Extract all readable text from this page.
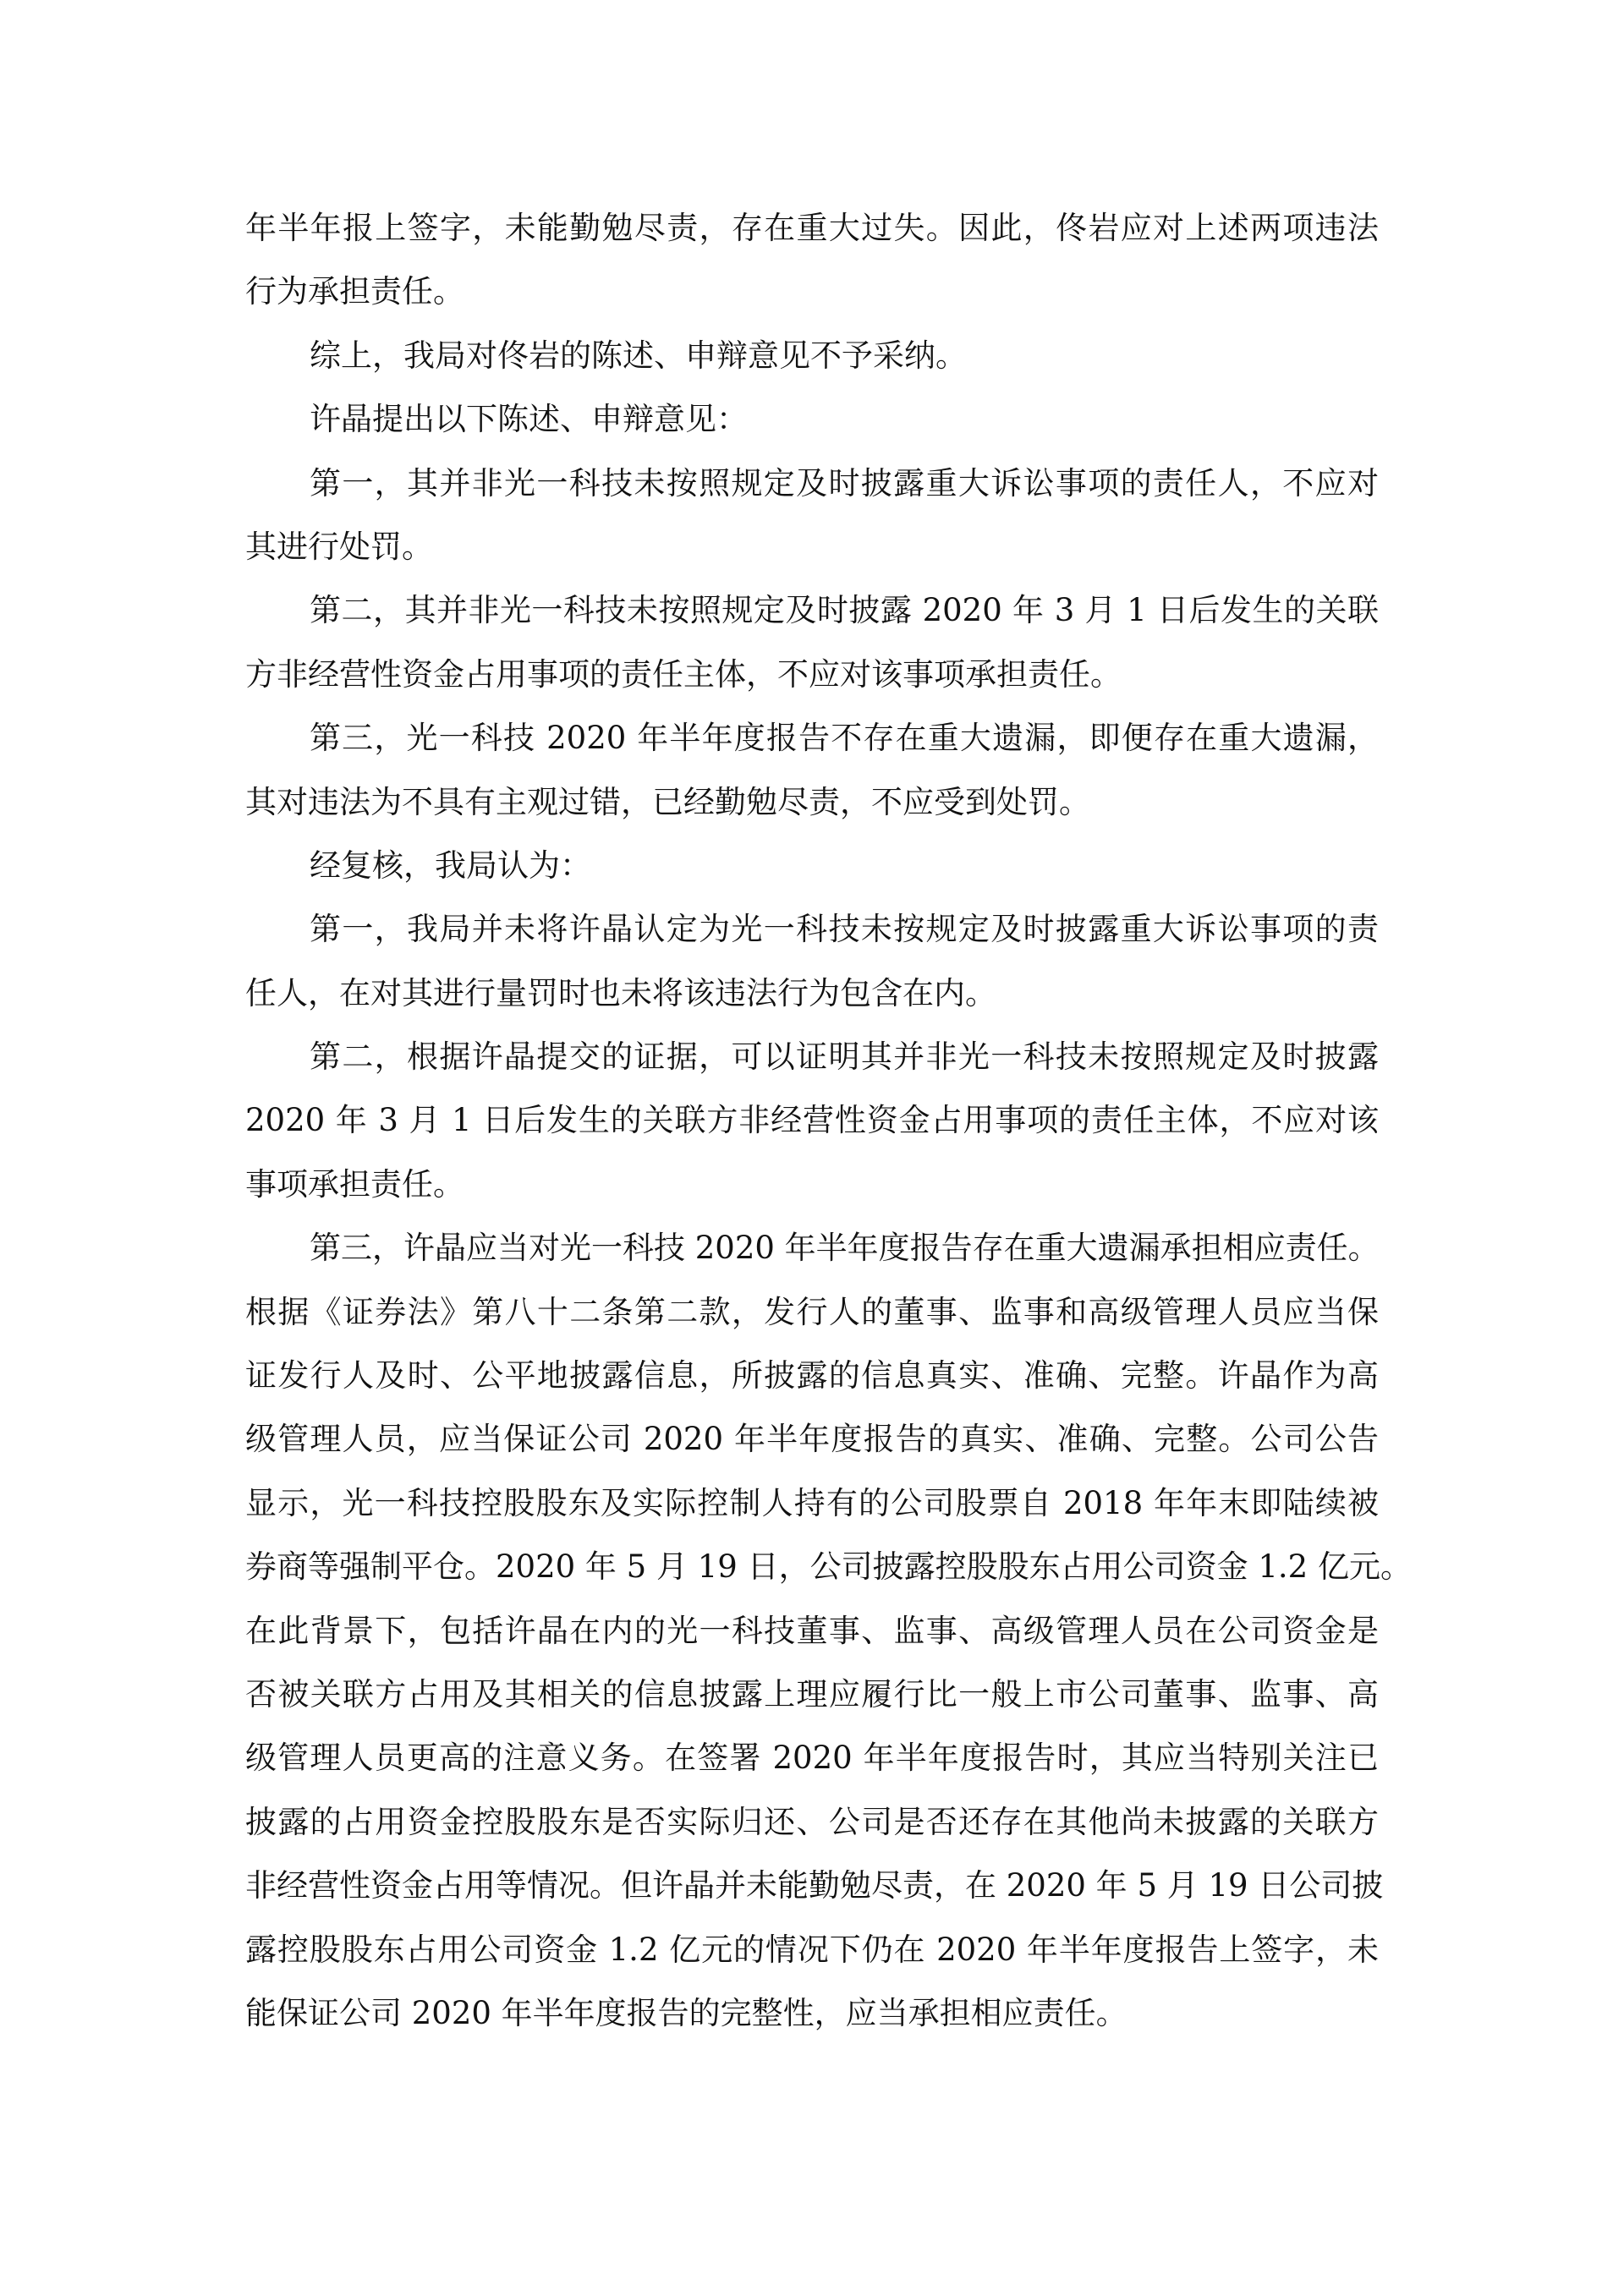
年半年报上签字，未能勤勉尽责，存在重大过失。因此，佟岩应对上述两项违法
行为承担责任。
综上，我局对佟岩的陈述、申辩意见不予采纳。
许晶提出以下陈述、申辩意见：
第一，其并非光一科技未按照规定及时披露重大诉讼事项的责任人，不应对
其进行处罚。
第二，其并非光一科技未按照规定及时披露 2020 年 3 月 1 日后发生的关联
方非经营性资金占用事项的责任主体，不应对该事项承担责任。
第三，光一科技 2020 年半年度报告不存在重大遗漏，即便存在重大遗漏，
其对违法为不具有主观过错，已经勤勉尽责，不应受到处罚。
经复核，我局认为：
第一，我局并未将许晶认定为光一科技未按规定及时披露重大诉讼事项的责
任人，在对其进行量罚时也未将该违法行为包含在内。
第二，根据许晶提交的证据，可以证明其并非光一科技未按照规定及时披露
2020 年 3 月 1 日后发生的关联方非经营性资金占用事项的责任主体，不应对该
事项承担责任。
第三，许晶应当对光一科技 2020 年半年度报告存在重大遗漏承担相应责任。
根据《证券法》第八十二条第二款，发行人的董事、监事和高级管理人员应当保
证发行人及时、公平地披露信息，所披露的信息真实、准确、完整。许晶作为高
级管理人员，应当保证公司 2020 年半年度报告的真实、准确、完整。公司公告
显示，光一科技控股股东及实际控制人持有的公司股票自 2018 年年末即陆续被
券商等强制平仓。2020 年 5 月 19 日，公司披露控股股东占用公司资金 1.2 亿元。
在此背景下，包括许晶在内的光一科技董事、监事、高级管理人员在公司资金是
否被关联方占用及其相关的信息披露上理应履行比一般上市公司董事、监事、高
级管理人员更高的注意义务。在签署 2020 年半年度报告时，其应当特别关注已
披露的占用资金控股股东是否实际归还、公司是否还存在其他尚未披露的关联方
非经营性资金占用等情况。但许晶并未能勤勉尽责，在 2020 年 5 月 19 日公司披
露控股股东占用公司资金 1.2 亿元的情况下仍在 2020 年半年度报告上签字，未
能保证公司 2020 年半年度报告的完整性，应当承担相应责任。
